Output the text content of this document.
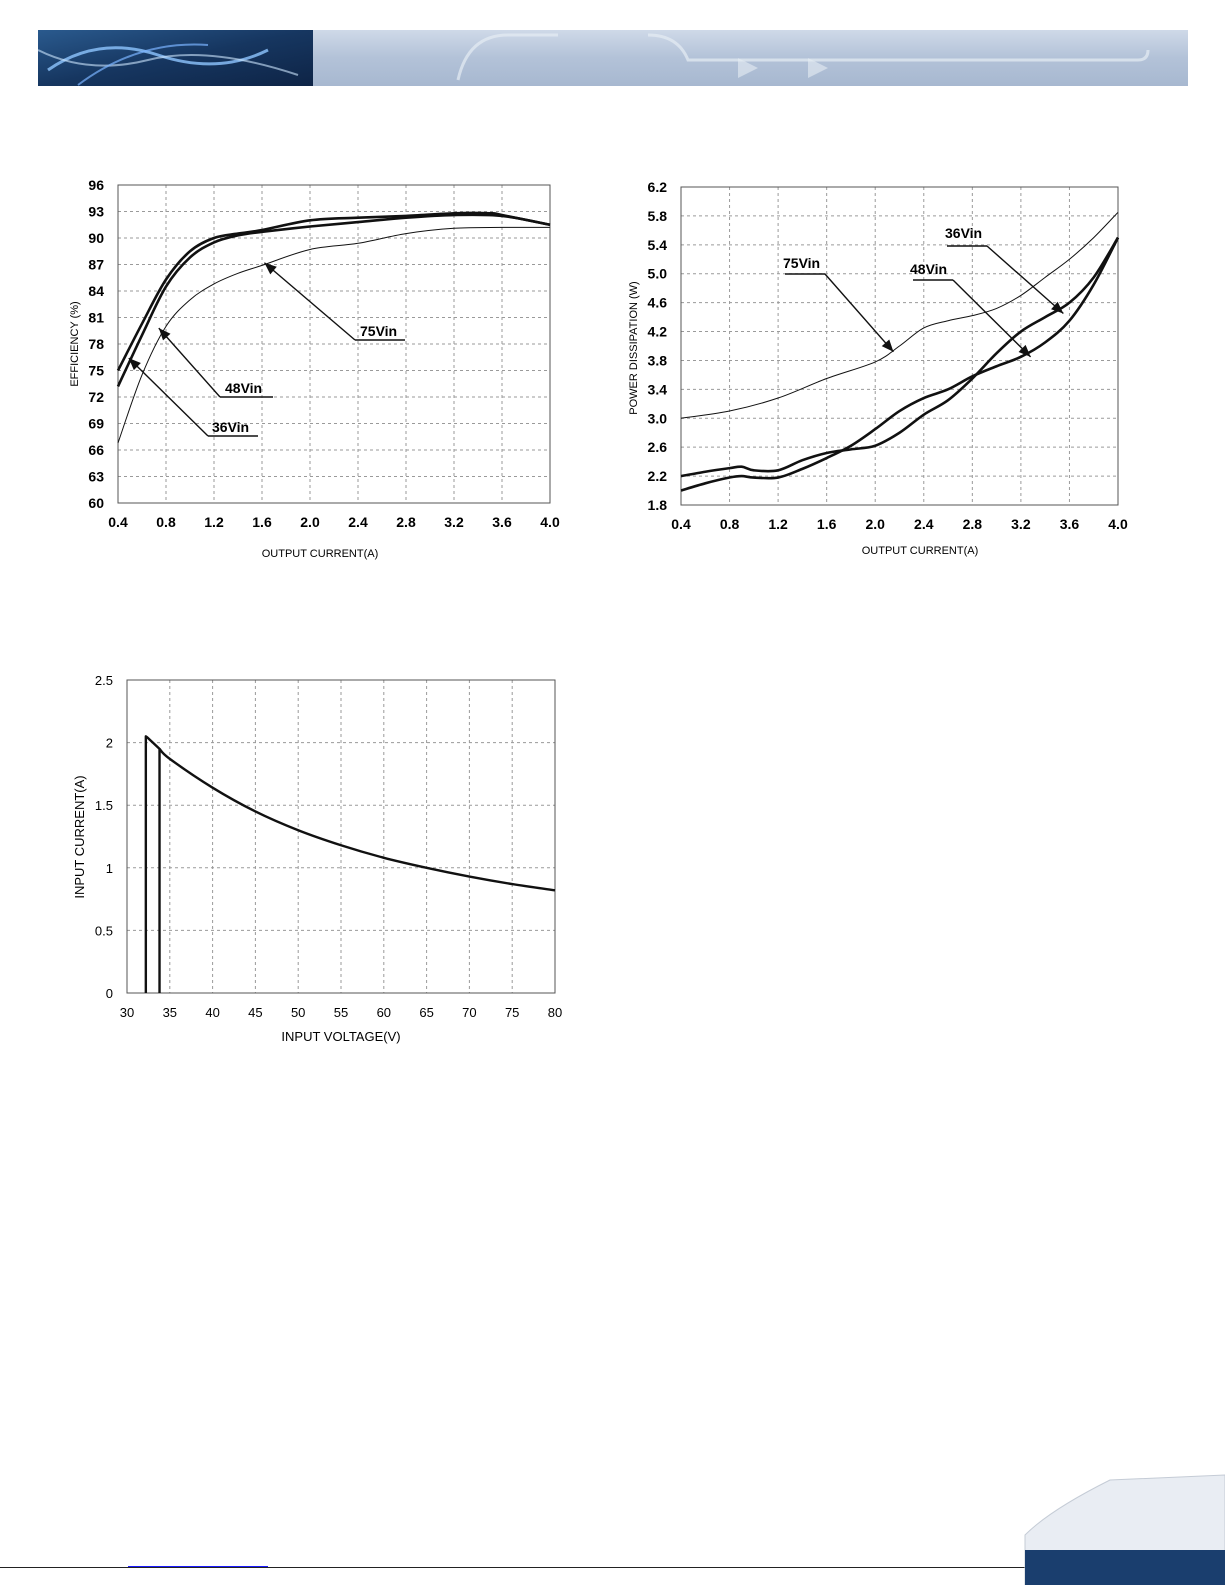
75Vin
48Vin
36Vin
0.4 0.8 1.2 1.6 2.0 2.4 2.8 3.2 3.6 4.0
60
63
66
69
72
75
78
81
84
87
90
93
96
OUTPUT CURRENT(A)
EFFICIENCY (%)
75Vin	48Vin
36Vin
0.4 0.8 1.2 1.6 2.0 2.4 2.8 3.2 3.6 4.0
1.8
2.2
2.6
3.0
3.4
3.8
4.2
4.6
5.0
5.4
5.8
6.2
OUTPUT CURRENT(A)
POWER DISSIPATION (W)
30 35 40 45 50 55 60 65 70 75 80
0
0.5
1
1.5
2
2.5
INPUT VOLTAGE(V)
INPUT CURRENT(A)
